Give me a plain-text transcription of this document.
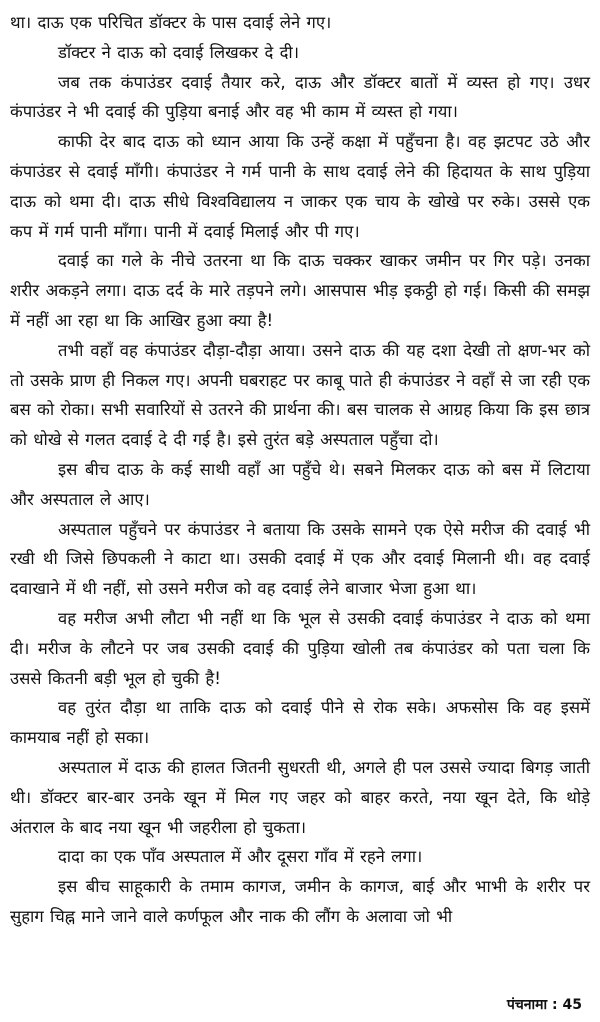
था। दाऊ एक परिचित डॉक्टर के पास दवाई लेने गए।

डॉक्टर ने दाऊ को दवाई लिखकर दे दी।

जब तक कंपाउंडर दवाई तैयार करे, दाऊ और डॉक्टर बातों में व्यस्त हो गए। उधर कंपाउंडर ने भी दवाई की पुड़िया बनाई और वह भी काम में व्यस्त हो गया।

काफी देर बाद दाऊ को ध्यान आया कि उन्हें कक्षा में पहुँचना है। वह झटपट उठे और कंपाउंडर से दवाई माँगी। कंपाउंडर ने गर्म पानी के साथ दवाई लेने की हिदायत के साथ पुड़िया दाऊ को थमा दी। दाऊ सीधे विश्वविद्यालय न जाकर एक चाय के खोखे पर रुके। उससे एक कप में गर्म पानी माँगा। पानी में दवाई मिलाई और पी गए।

दवाई का गले के नीचे उतरना था कि दाऊ चक्कर खाकर जमीन पर गिर पड़े। उनका शरीर अकड़ने लगा। दाऊ दर्द के मारे तड़पने लगे। आसपास भीड़ इकट्ठी हो गई। किसी की समझ में नहीं आ रहा था कि आखिर हुआ क्या है!

तभी वहाँ वह कंपाउंडर दौड़ा-दौड़ा आया। उसने दाऊ की यह दशा देखी तो क्षण-भर को तो उसके प्राण ही निकल गए। अपनी घबराहट पर काबू पाते ही कंपाउंडर ने वहाँ से जा रही एक बस को रोका। सभी सवारियों से उतरने की प्रार्थना की। बस चालक से आग्रह किया कि इस छात्र को धोखे से गलत दवाई दे दी गई है। इसे तुरंत बड़े अस्पताल पहुँचा दो।

इस बीच दाऊ के कई साथी वहाँ आ पहुँचे थे। सबने मिलकर दाऊ को बस में लिटाया और अस्पताल ले आए।

अस्पताल पहुँचने पर कंपाउंडर ने बताया कि उसके सामने एक ऐसे मरीज की दवाई भी रखी थी जिसे छिपकली ने काटा था। उसकी दवाई में एक और दवाई मिलानी थी। वह दवाई दवाखाने में थी नहीं, सो उसने मरीज को वह दवाई लेने बाजार भेजा हुआ था।

वह मरीज अभी लौटा भी नहीं था कि भूल से उसकी दवाई कंपाउंडर ने दाऊ को थमा दी। मरीज के लौटने पर जब उसकी दवाई की पुड़िया खोली तब कंपाउंडर को पता चला कि उससे कितनी बड़ी भूल हो चुकी है!

वह तुरंत दौड़ा था ताकि दाऊ को दवाई पीने से रोक सके। अफसोस कि वह इसमें कामयाब नहीं हो सका।

अस्पताल में दाऊ की हालत जितनी सुधरती थी, अगले ही पल उससे ज्यादा बिगड़ जाती थी। डॉक्टर बार-बार उनके खून में मिल गए जहर को बाहर करते, नया खून देते, कि थोड़े अंतराल के बाद नया खून भी जहरीला हो चुकता।

दादा का एक पाँव अस्पताल में और दूसरा गाँव में रहने लगा।

इस बीच साहूकारी के तमाम कागज, जमीन के कागज, बाई और भाभी के शरीर पर सुहाग चिह्न माने जाने वाले कर्णफूल और नाक की लौंग के अलावा जो भी

पंचनामा : 45
